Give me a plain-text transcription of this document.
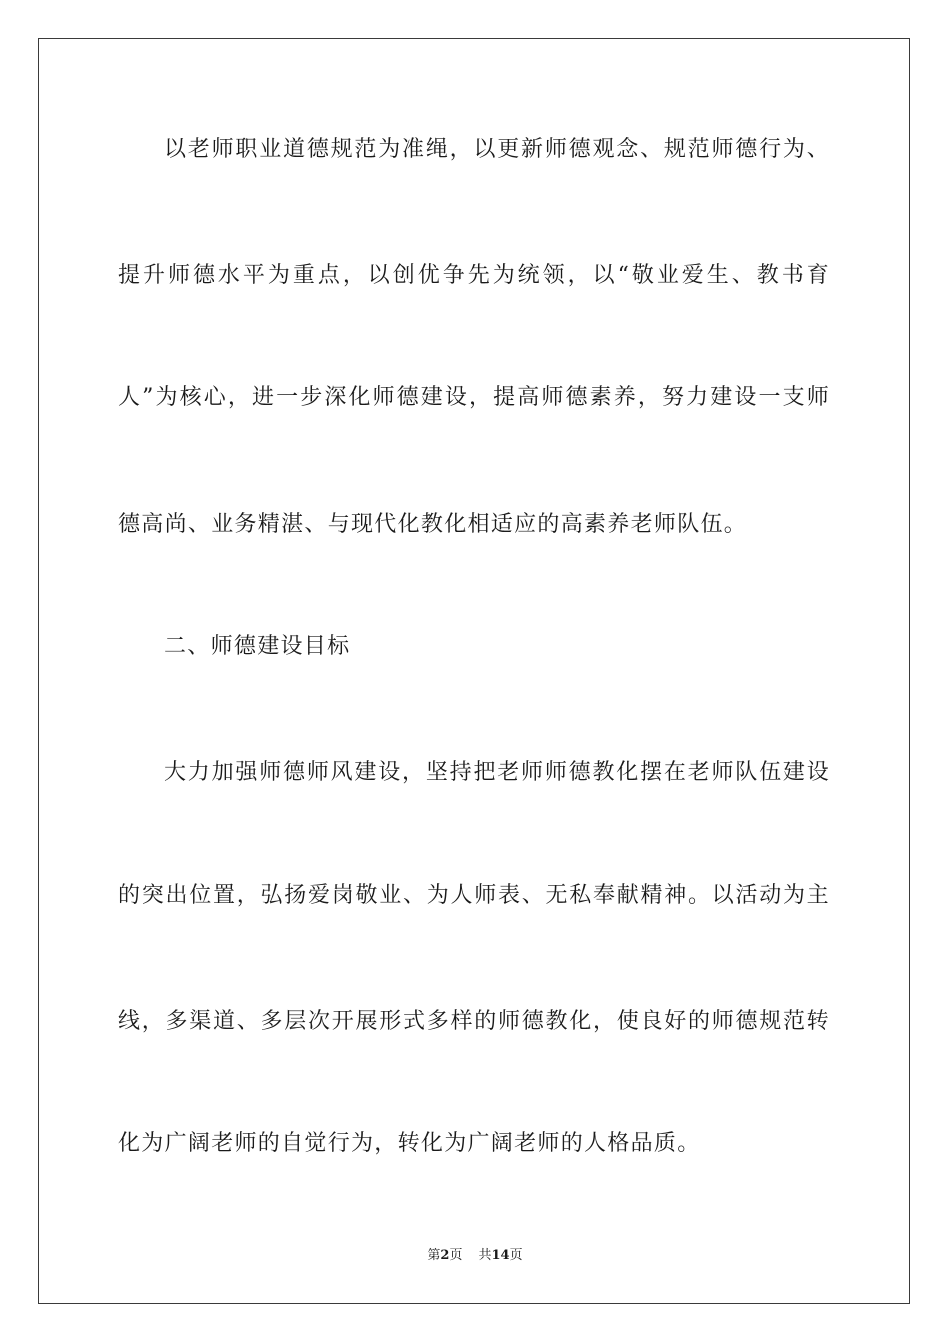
以老师职业道德规范为准绳，以更新师德观念、规范师德行为、
提升师德水平为重点，以创优争先为统领，以“敬业爱生、教书育
人”为核心，进一步深化师德建设，提高师德素养，努力建设一支师
德高尚、业务精湛、与现代化教化相适应的高素养老师队伍。
二、师德建设目标
大力加强师德师风建设，坚持把老师师德教化摆在老师队伍建设
的突出位置，弘扬爱岗敬业、为人师表、无私奉献精神。以活动为主
线，多渠道、多层次开展形式多样的师德教化，使良好的师德规范转
化为广阔老师的自觉行为，转化为广阔老师的人格品质。
第2页 共14页
